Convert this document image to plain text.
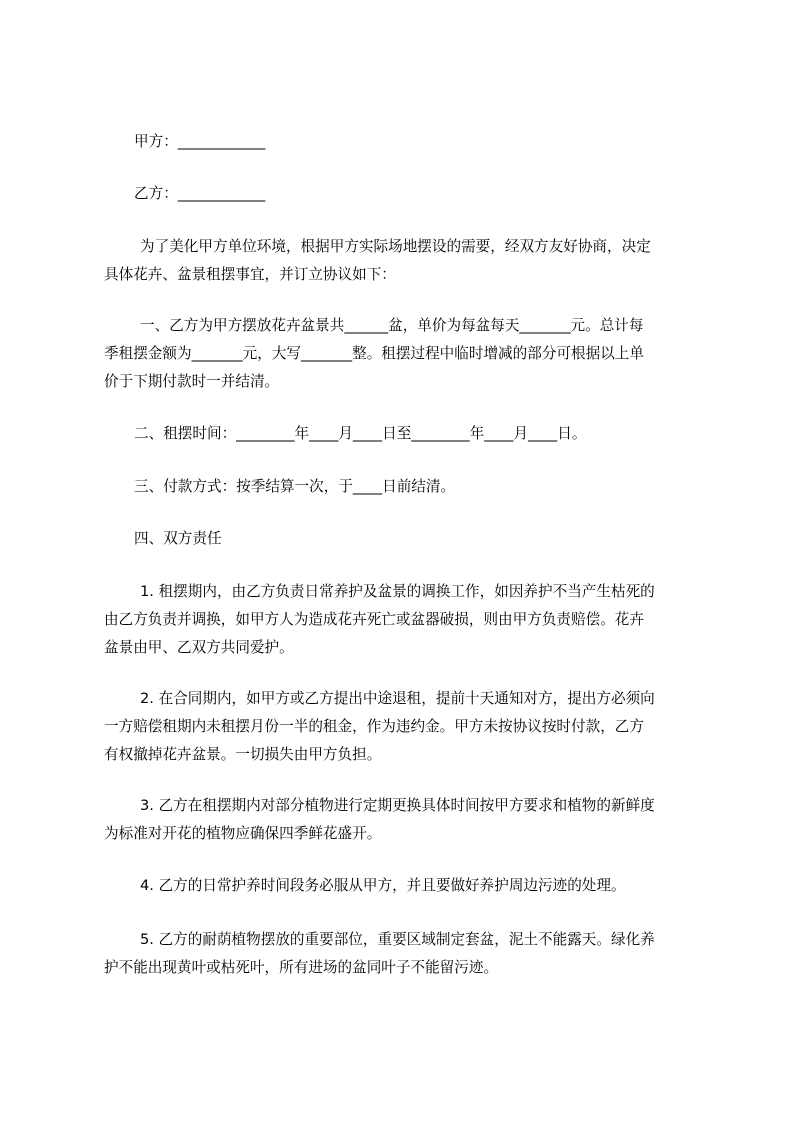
甲方：____________
乙方：____________
为了美化甲方单位环境，根据甲方实际场地摆设的需要，经双方友好协商，决定
具体花卉、盆景租摆事宜，并订立协议如下：
一、乙方为甲方摆放花卉盆景共______盆，单价为每盆每天_______元。总计每
季租摆金额为_______元，大写_______整。租摆过程中临时增减的部分可根据以上单
价于下期付款时一并结清。
二、租摆时间：________年____月____日至________年____月____日。
三、付款方式：按季结算一次，于____日前结清。
四、双方责任
1. 租摆期内，由乙方负责日常养护及盆景的调换工作，如因养护不当产生枯死的
由乙方负责并调换，如甲方人为造成花卉死亡或盆器破损，则由甲方负责赔偿。花卉
盆景由甲、乙双方共同爱护。
2. 在合同期内，如甲方或乙方提出中途退租，提前十天通知对方，提出方必须向
一方赔偿租期内未租摆月份一半的租金，作为违约金。甲方未按协议按时付款，乙方
有权撤掉花卉盆景。一切损失由甲方负担。
3. 乙方在租摆期内对部分植物进行定期更换具体时间按甲方要求和植物的新鲜度
为标准对开花的植物应确保四季鲜花盛开。
4. 乙方的日常护养时间段务必服从甲方，并且要做好养护周边污迹的处理。
5. 乙方的耐荫植物摆放的重要部位，重要区域制定套盆，泥土不能露天。绿化养
护不能出现黄叶或枯死叶，所有进场的盆同叶子不能留污迹。
